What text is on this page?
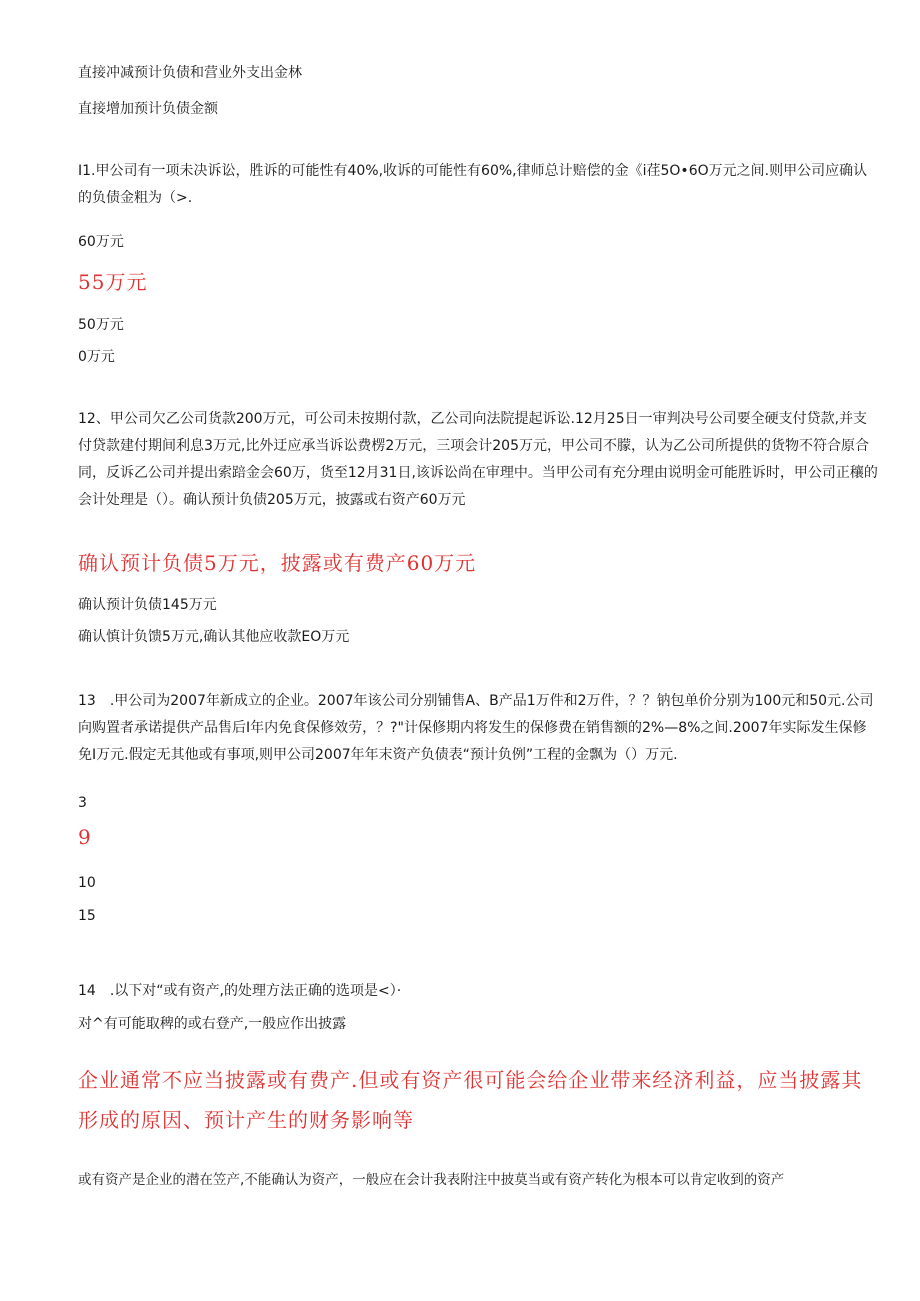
直接冲减预计负债和营业外支出金林
直接增加预计负债金额
I1.甲公司有一项未决诉讼，胜诉的可能性有40%,收诉的可能性有60%,律师总计赔偿的金《i荏5O•6O万元之间.则甲公司应确认的负债金粗为（>.
60万元
55万元
50万元
0万元
12、甲公司欠乙公司货款200万元，可公司未按期付款，乙公司向法院提起诉讼.12月25日一审判决号公司要全硬支付贷款,并支付贷款建付期间利息3万元,比外迂应承当诉讼费楞2万元，三项会计205万元，甲公司不朦，认为乙公司所提供的货物不符合原合同，反诉乙公司并提出索踣金会60万，货至12月31日,该诉讼尚在审理中。当甲公司有充分理由说明金可能胜诉时，甲公司正穰的会计处理是（）。确认预计负债205万元，披露或右资产60万元
确认预计负债5万元，披露或有费产60万元
确认预计负债145万元
确认慎计负馈5万元,确认其他应收款EO万元
13　.甲公司为2007年新成立的企业。2007年该公司分别铺售A、B产品1万件和2万件，？？钠包单价分别为100元和50元.公司向购置者承诺提供产品售后I年内免食保修效劳，？?"计保修期内将发生的保修费在销售额的2%—8%之间.2007年实际发生保修免I万元.假定无其他或有事项,则甲公司2007年年末资产负债表“预计负例”工程的金飘为（）万元.
3
9
10
15
14　.以下对“或有资产,的处理方法正确的选项是<）·
对^有可能取稗的或右登产,一般应作出披露
企业通常不应当披露或有费产.但或有资产很可能会给企业带来经济利益，应当披露其形成的原因、预计产生的财务影响等
或有资产是企业的潜在笠产,不能确认为资产，一般应在会计我表附注中披莫当或有资产转化为根本可以肯定收到的资产
